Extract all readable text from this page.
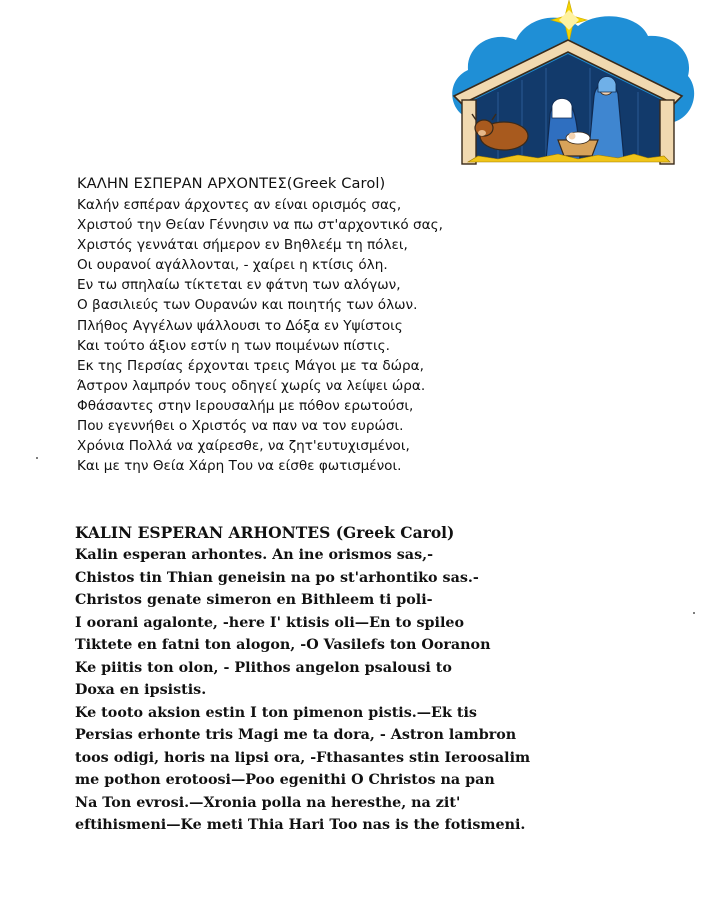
ΚΑΛΗΝ ΕΣΠΕΡΑΝ ΑΡΧΟΝΤΕΣ(Greek Carol)
Καλήν εσπέραν άρχοντες αν είναι ορισμός σας,
Χριστού την Θείαν Γέννησιν να πω στ'αρχοντικό σας,
Χριστός γεννάται σήμερον εν Βηθλεέμ τη πόλει,
Οι ουρανοί αγάλλονται, - χαίρει η κτίσις όλη.
Εν τω σπηλαίω τίκτεται εν φάτνη των αλόγων,
Ο βασιλιεύς των Ουρανών και ποιητής των όλων.
Πλήθος Αγγέλων ψάλλουσι το Δόξα εν Υψίστοις
Και τούτο άξιον εστίν η των ποιμένων πίστις.
Εκ της Περσίας έρχονται τρεις Μάγοι με τα δώρα,
Άστρον λαμπρόν τους οδηγεί χωρίς να λείψει ώρα.
Φθάσαντες στην Ιερουσαλήμ με πόθον ερωτούσι,
Που εγεννήθει ο Χριστός να παν να τον ευρώσι.
Χρόνια Πολλά να χαίρεσθε, να ζητ'ευτυχισμένοι,
Και με την Θεία Χάρη Του να είσθε φωτισμένοι.
KALIN ESPERAN ARHONTES (Greek Carol)
Kalin esperan arhontes. An ine orismos sas,-
Chistos tin Thian geneisin na po st'arhontiko sas.-
Christos genate simeron en Bithleem ti poli-
I oorani agalonte, -here I' ktisis oli—En to spileo
Tiktete en fatni ton alogon, -O Vasilefs ton Ooranon
Ke piitis ton olon, - Plithos angelon psalousi to
Doxa en ipsistis.
Ke tooto aksion estin I ton pimenon pistis.—Ek tis
Persias erhonte tris Magi me ta dora, - Astron lambron
toos odigi, horis na lipsi ora, -Fthasantes stin Ieroosalim
me pothon erotoosi—Poo egenithi O Christos na pan
Na Ton evrosi.—Xronia polla na heresthe, na zit'
eftihismeni—Ke meti Thia Hari Too nas is the fotismeni.
